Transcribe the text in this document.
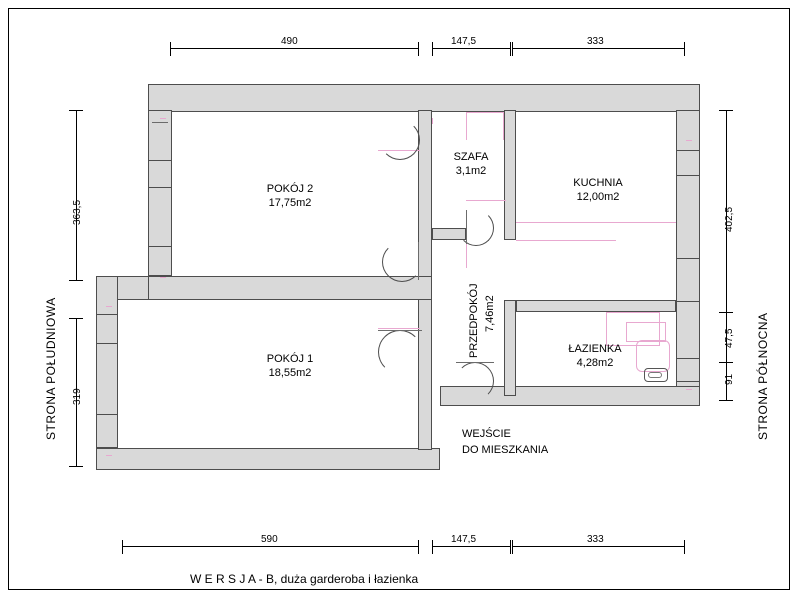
490	147,5	333
590	147,5	333
363,5
319
402,5
47,5
91
STRONA POŁUDNIOWA	STRONA PÓŁNOCNA
POKÓJ 2
17,75m2
POKÓJ 1
18,55m2
SZAFA
3,1m2
KUCHNIA
12,00m2
ŁAZIENKA
4,28m2
PRZEDPOKÓJ 7,46m2
WEJŚCIE
DO MIESZKANIA
W E R S J A - B, duża garderoba i łazienka
